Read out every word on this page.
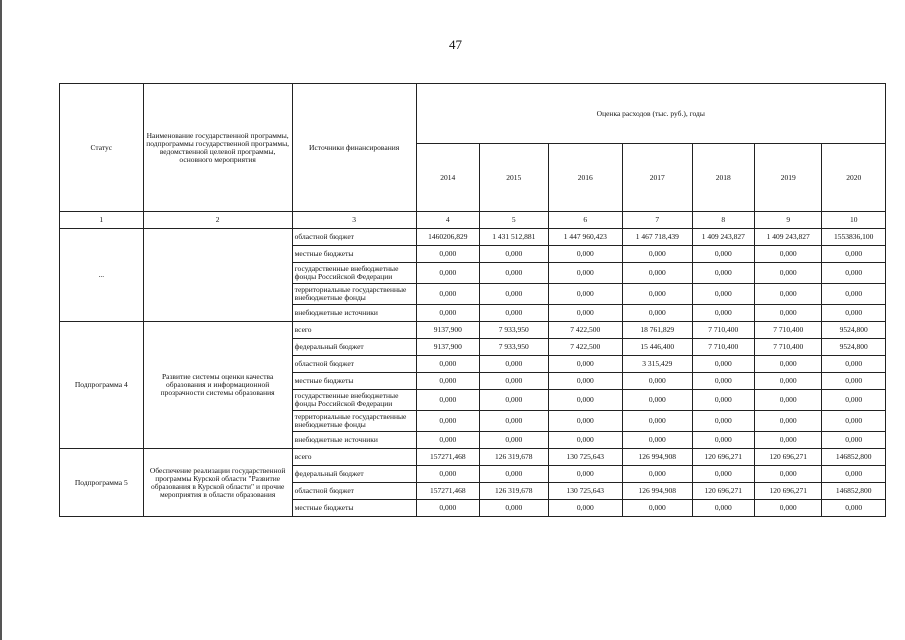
47
Статус	Наименование государственной программы, подпрограммы государственной программы, ведомственной целевой программы, основного мероприятия	Источники финансирования	Оценка расходов (тыс. руб.), годы						
			2014	2015	2016	2017	2018	2019	2020
1	2	3	4	5	6	7	8	9	10
...		областной бюджет	1460206,829	1 431 512,881	1 447 960,423	1 467 718,439	1 409 243,827	1 409 243,827	1553836,100
		местные бюджеты	0,000	0,000	0,000	0,000	0,000	0,000	0,000
		государственные внебюджетные фонды Российской Федерации	0,000	0,000	0,000	0,000	0,000	0,000	0,000
		территориальные государственные внебюджетные фонды	0,000	0,000	0,000	0,000	0,000	0,000	0,000
		внебюджетные источники	0,000	0,000	0,000	0,000	0,000	0,000	0,000
Подпрограмма 4	Развитие системы оценки качества образования и информационной прозрачности системы образования	всего	9137,900	7 933,950	7 422,500	18 761,829	7 710,400	7 710,400	9524,800
		федеральный бюджет	9137,900	7 933,950	7 422,500	15 446,400	7 710,400	7 710,400	9524,800
		областной бюджет	0,000	0,000	0,000	3 315,429	0,000	0,000	0,000
		местные бюджеты	0,000	0,000	0,000	0,000	0,000	0,000	0,000
		государственные внебюджетные фонды Российской Федерации	0,000	0,000	0,000	0,000	0,000	0,000	0,000
		территориальные государственные внебюджетные фонды	0,000	0,000	0,000	0,000	0,000	0,000	0,000
		внебюджетные источники	0,000	0,000	0,000	0,000	0,000	0,000	0,000
Подпрограмма 5	Обеспечение реализации государственной программы Курской области "Развитие образования в Курской области" и прочие мероприятия в области образования	всего	157271,468	126 319,678	130 725,643	126 994,908	120 696,271	120 696,271	146852,800
		федеральный бюджет	0,000	0,000	0,000	0,000	0,000	0,000	0,000
		областной бюджет	157271,468	126 319,678	130 725,643	126 994,908	120 696,271	120 696,271	146852,800
		местные бюджеты	0,000	0,000	0,000	0,000	0,000	0,000	0,000
